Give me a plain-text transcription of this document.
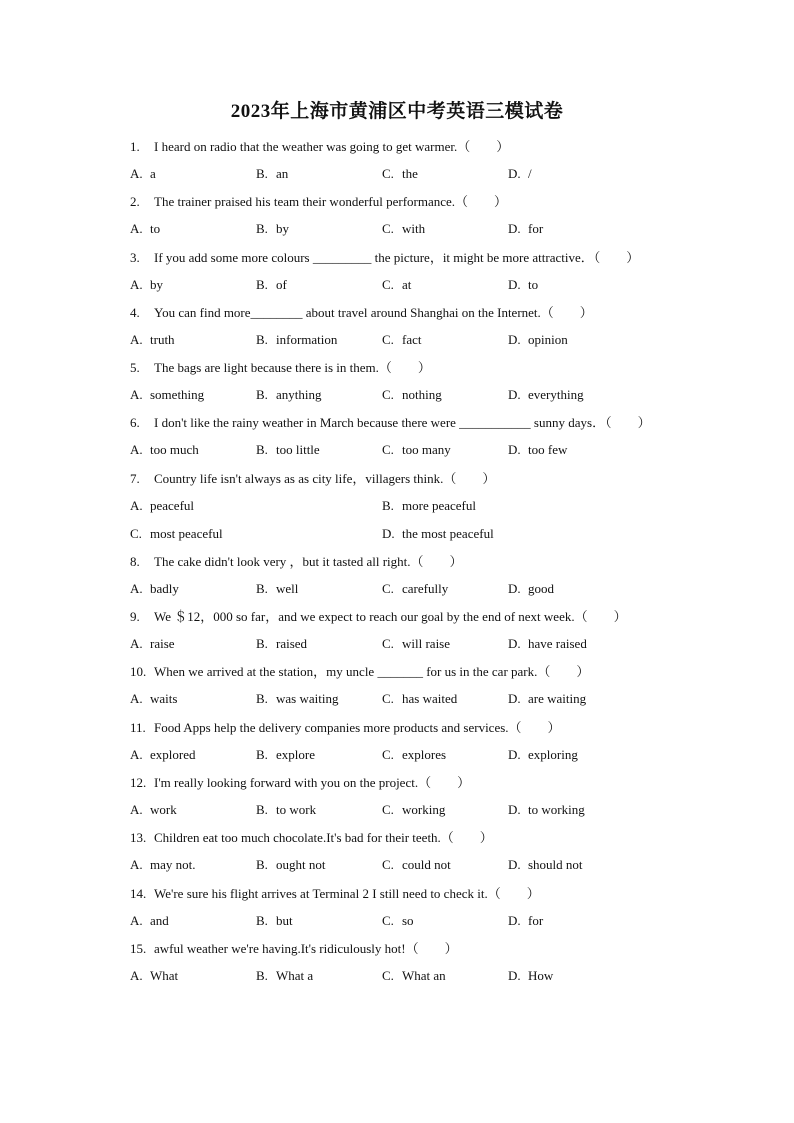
2023年上海市黄浦区中考英语三模试卷
1. I heard on radio that the weather was going to get warmer.（        ）
A. a	B. an	C. the	D. /
2. The trainer praised his team their wonderful performance.（        ）
A. to	B. by	C. with	D. for
3. If you add some more colours _________ the picture，it might be more attractive．（        ）
A. by	B. of	C. at	D. to
4. You can find more________ about travel around Shanghai on the Internet.（        ）
A. truth	B. information	C. fact	D. opinion
5. The bags are light because there is in them.（        ）
A. something	B. anything	C. nothing	D. everything
6. I don't like the rainy weather in March because there were ___________ sunny days．（        ）
A. too much	B. too little	C. too many	D. too few
7. Country life isn't always as as city life，villagers think.（        ）
A. peaceful	B. more peaceful
C. most peaceful	D. the most peaceful
8. The cake didn't look very ，but it tasted all right.（        ）
A. badly	B. well	C. carefully	D. good
9. We ＄12，000 so far，and we expect to reach our goal by the end of next week.（        ）
A. raise	B. raised	C. will raise	D. have raised
10. When we arrived at the station，my uncle _______ for us in the car park.（        ）
A. waits	B. was waiting	C. has waited	D. are waiting
11. Food Apps help the delivery companies more products and services.（        ）
A. explored	B. explore	C. explores	D. exploring
12. I'm really looking forward with you on the project.（        ）
A. work	B. to work	C. working	D. to working
13. Children eat too much chocolate.It's bad for their teeth.（        ）
A. may not.	B. ought not	C. could not	D. should not
14. We're sure his flight arrives at Terminal 2 I still need to check it.（        ）
A. and	B. but	C. so	D. for
15. awful weather we're having.It's ridiculously hot!（        ）
A. What	B. What a	C. What an	D. How
